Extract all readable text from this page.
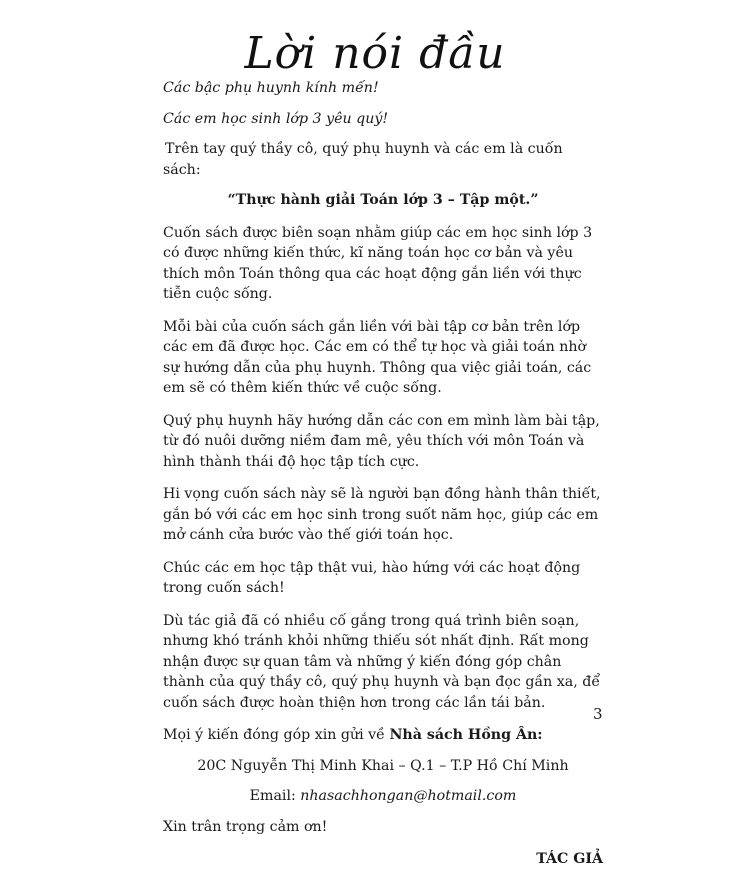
Lời nói đầu

Các bậc phụ huynh kính mến!

Các em học sinh lớp 3 yêu quý!

Trên tay quý thầy cô, quý phụ huynh và các em là cuốn sách:

“Thực hành giải Toán lớp 3 – Tập một.”

Cuốn sách được biên soạn nhằm giúp các em học sinh lớp 3 có được những kiến thức, kĩ năng toán học cơ bản và yêu thích môn Toán thông qua các hoạt động gắn liền với thực tiễn cuộc sống.

Mỗi bài của cuốn sách gắn liền với bài tập cơ bản trên lớp các em đã được học. Các em có thể tự học và giải toán nhờ sự hướng dẫn của phụ huynh. Thông qua việc giải toán, các em sẽ có thêm kiến thức về cuộc sống.

Quý phụ huynh hãy hướng dẫn các con em mình làm bài tập, từ đó nuôi dưỡng niềm đam mê, yêu thích với môn Toán và hình thành thái độ học tập tích cực.

Hi vọng cuốn sách này sẽ là người bạn đồng hành thân thiết, gắn bó với các em học sinh trong suốt năm học, giúp các em mở cánh cửa bước vào thế giới toán học.

Chúc các em học tập thật vui, hào hứng với các hoạt động trong cuốn sách!

Dù tác giả đã có nhiều cố gắng trong quá trình biên soạn, nhưng khó tránh khỏi những thiếu sót nhất định. Rất mong nhận được sự quan tâm và những ý kiến đóng góp chân thành của quý thầy cô, quý phụ huynh và bạn đọc gần xa, để cuốn sách được hoàn thiện hơn trong các lần tái bản.

Mọi ý kiến đóng góp xin gửi về Nhà sách Hồng Ân:

20C Nguyễn Thị Minh Khai – Q.1 – T.P Hồ Chí Minh

Email: nhasachhongan@hotmail.com

Xin trân trọng cảm ơn!

TÁC GIẢ

3
